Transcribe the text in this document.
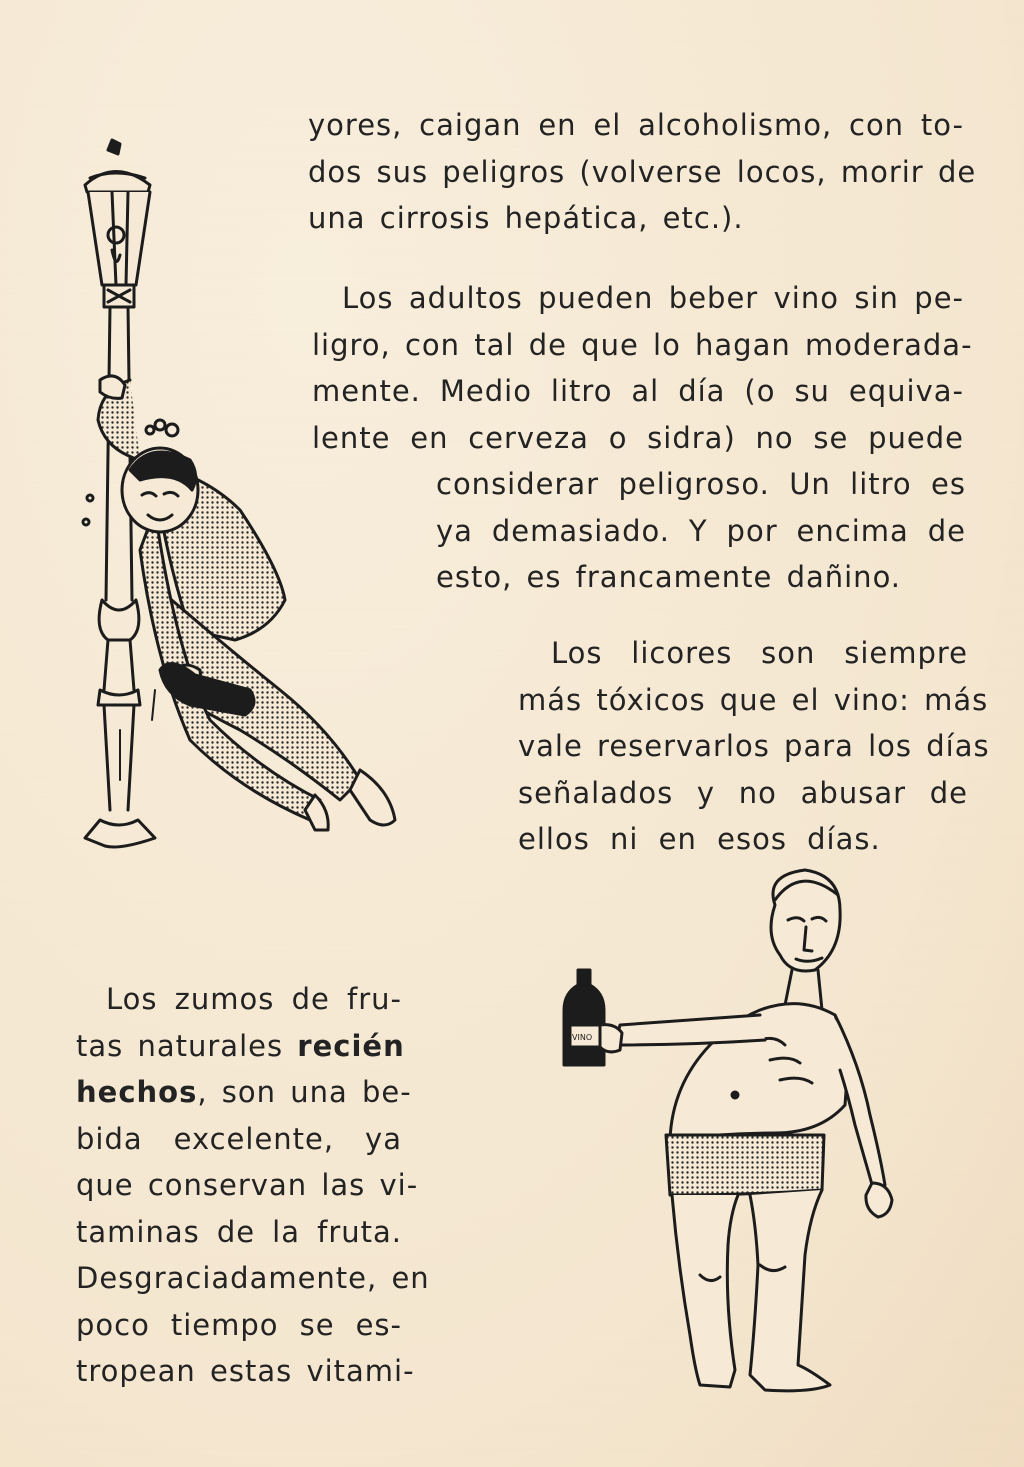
yores, caigan en el alcoholismo, con to-
dos sus peligros (volverse locos, morir de
una cirrosis hepática, etc.).
Los adultos pueden beber vino sin pe-
ligro, con tal de que lo hagan moderada-
mente. Medio litro al día (o su equiva-
lente en cerveza o sidra) no se puede
considerar peligroso. Un litro es
ya demasiado. Y por encima de
esto, es francamente dañino.
Los licores son siempre
más tóxicos que el vino: más
vale reservarlos para los días
señalados y no abusar de
ellos ni en esos días.
Los zumos de fru-
tas naturales recién
hechos, son una be-
bida excelente, ya
que conservan las vi-
taminas de la fruta.
Desgraciadamente, en
poco tiempo se es-
tropean estas vitami-
VINO
